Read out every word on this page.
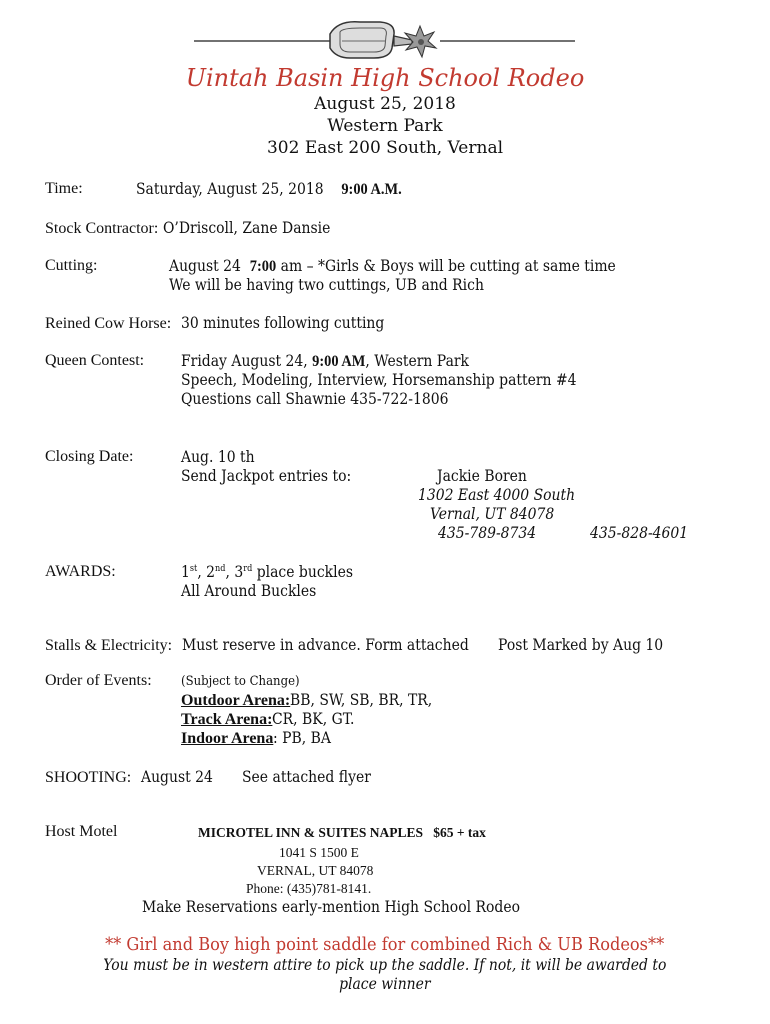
Uintah Basin High School Rodeo
August 25, 2018
Western Park
302 East 200 South, Vernal
Time:	Saturday, August 25, 2018 9:00 A.M.
Stock Contractor: O’Driscoll, Zane Dansie
Cutting:	August 24 7:00 am – *Girls & Boys will be cutting at same time
We will be having two cuttings, UB and Rich
Reined Cow Horse: 30 minutes following cutting
Queen Contest: Friday August 24, 9:00 AM, Western Park
Speech, Modeling, Interview, Horsemanship pattern #4
Questions call Shawnie 435-722-1806
Closing Date:	Aug. 10 th
Send Jackpot entries to:	Jackie Boren
1302 East 4000 South
Vernal, UT 84078
435-789-8734	435-828-4601
AWARDS:	1st, 2nd, 3rd place buckles
All Around Buckles
Stalls & Electricity: Must reserve in advance. Form attached	Post Marked by Aug 10
Order of Events: (Subject to Change)
Outdoor Arena:BB, SW, SB, BR, TR,
Track Arena:CR, BK, GT.
Indoor Arena: PB, BA
SHOOTING: August 24	See attached flyer
Host Motel	MICROTEL INN & SUITES NAPLES $65 + tax
1041 S 1500 E
VERNAL, UT 84078
Phone: (435)781-8141.
Make Reservations early-mention High School Rodeo
** Girl and Boy high point saddle for combined Rich & UB Rodeos**
You must be in western attire to pick up the saddle. If not, it will be awarded to
place winner
